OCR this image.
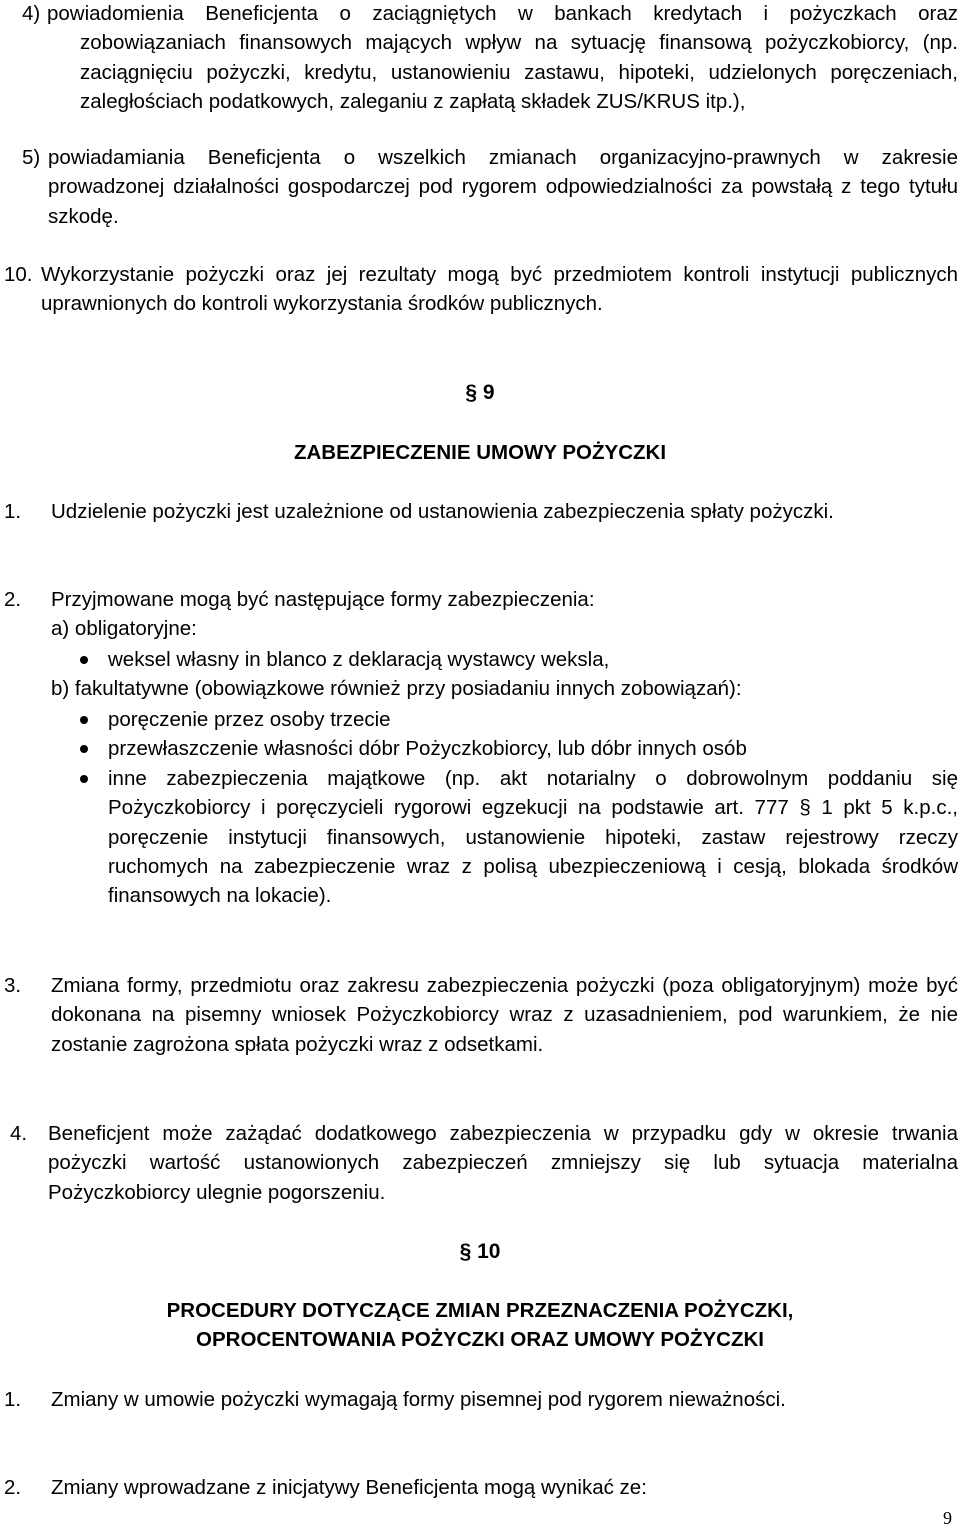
4) powiadomienia Beneficjenta o zaciągniętych w bankach kredytach i pożyczkach oraz zobowiązaniach finansowych mających wpływ na sytuację finansową pożyczkobiorcy, (np. zaciągnięciu pożyczki, kredytu, ustanowieniu zastawu, hipoteki, udzielonych poręczeniach, zaległościach podatkowych, zaleganiu z zapłatą składek ZUS/KRUS itp.),
5) powiadamiania Beneficjenta o wszelkich zmianach organizacyjno-prawnych w zakresie prowadzonej działalności gospodarczej pod rygorem odpowiedzialności za powstałą z tego tytułu szkodę.
10. Wykorzystanie pożyczki oraz jej rezultaty mogą być przedmiotem kontroli instytucji publicznych uprawnionych do kontroli wykorzystania środków publicznych.
§ 9
ZABEZPIECZENIE UMOWY POŻYCZKI
1.	Udzielenie pożyczki jest uzależnione od ustanowienia zabezpieczenia spłaty pożyczki.
2.	Przyjmowane mogą być następujące formy zabezpieczenia:
a) obligatoryjne:
weksel własny in blanco z deklaracją wystawcy weksla,
b) fakultatywne (obowiązkowe również przy posiadaniu innych zobowiązań):
poręczenie przez osoby trzecie
przewłaszczenie własności dóbr Pożyczkobiorcy, lub dóbr innych osób
inne zabezpieczenia majątkowe (np. akt notarialny o dobrowolnym poddaniu się Pożyczkobiorcy i poręczycieli rygorowi egzekucji na podstawie art. 777 § 1 pkt 5 k.p.c., poręczenie instytucji finansowych, ustanowienie hipoteki, zastaw rejestrowy rzeczy ruchomych na zabezpieczenie wraz z polisą ubezpieczeniową i cesją, blokada środków finansowych na lokacie).
3.	Zmiana formy, przedmiotu oraz zakresu zabezpieczenia pożyczki (poza obligatoryjnym) może być dokonana na pisemny wniosek Pożyczkobiorcy wraz z uzasadnieniem, pod warunkiem, że nie zostanie zagrożona spłata pożyczki wraz z odsetkami.
4.	Beneficjent może zażądać dodatkowego zabezpieczenia w przypadku gdy w okresie trwania pożyczki wartość ustanowionych zabezpieczeń zmniejszy się lub sytuacja materialna Pożyczkobiorcy ulegnie pogorszeniu.
§ 10
PROCEDURY DOTYCZĄCE ZMIAN PRZEZNACZENIA POŻYCZKI,
OPROCENTOWANIA POŻYCZKI ORAZ UMOWY POŻYCZKI
1.	Zmiany w umowie pożyczki wymagają formy pisemnej pod rygorem nieważności.
2.	Zmiany wprowadzane z inicjatywy Beneficjenta mogą wynikać ze:
9
